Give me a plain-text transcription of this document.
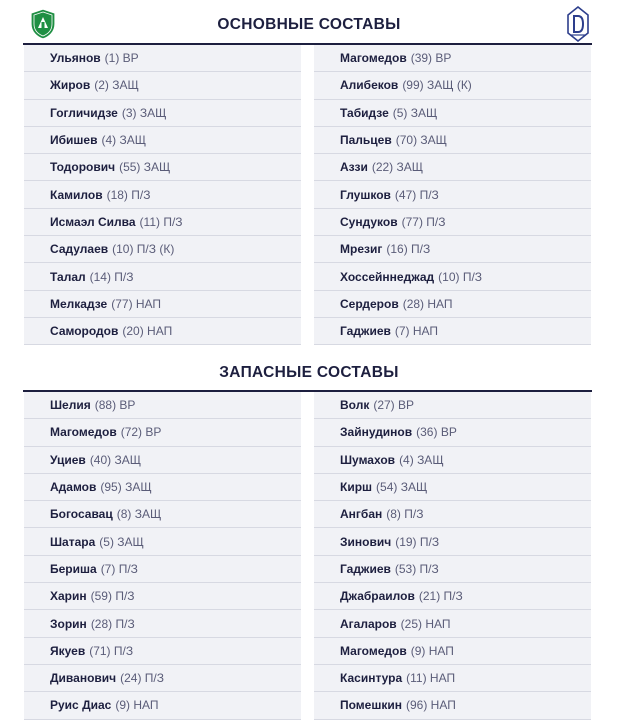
ОСНОВНЫЕ СОСТАВЫ
Ульянов (1) ВР
Жиров (2) ЗАЩ
Гогличидзе (3) ЗАЩ
Ибишев (4) ЗАЩ
Тодорович (55) ЗАЩ
Камилов (18) П/З
Исмаэл Силва (11) П/З
Садулаев (10) П/З (К)
Талал (14) П/З
Мелкадзе (77) НАП
Самородов (20) НАП
Магомедов (39) ВР
Алибеков (99) ЗАЩ (К)
Табидзе (5) ЗАЩ
Пальцев (70) ЗАЩ
Аззи (22) ЗАЩ
Глушков (47) П/З
Сундуков (77) П/З
Мрезиг (16) П/З
Хоссейннеджад (10) П/З
Сердеров (28) НАП
Гаджиев (7) НАП
ЗАПАСНЫЕ СОСТАВЫ
Шелия (88) ВР
Магомедов (72) ВР
Уциев (40) ЗАЩ
Адамов (95) ЗАЩ
Богосавац (8) ЗАЩ
Шатара (5) ЗАЩ
Бериша (7) П/З
Харин (59) П/З
Зорин (28) П/З
Якуев (71) П/З
Диванович (24) П/З
Руис Диас (9) НАП
Волк (27) ВР
Зайнудинов (36) ВР
Шумахов (4) ЗАЩ
Кирш (54) ЗАЩ
Ангбан (8) П/З
Зинович (19) П/З
Гаджиев (53) П/З
Джабраилов (21) П/З
Агаларов (25) НАП
Магомедов (9) НАП
Касинтура (11) НАП
Помешкин (96) НАП
